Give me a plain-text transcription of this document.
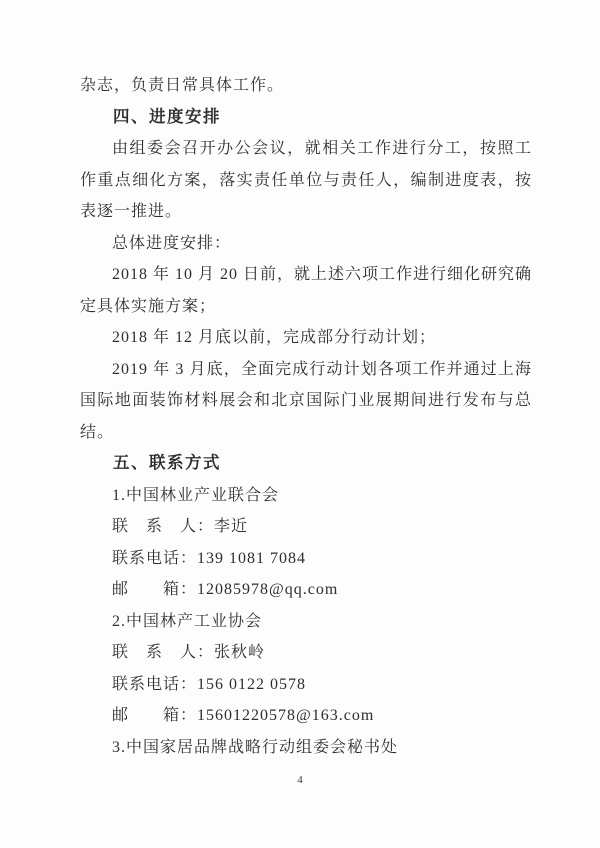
杂志，负责日常具体工作。

四、进度安排

由组委会召开办公会议，就相关工作进行分工，按照工作重点细化方案，落实责任单位与责任人，编制进度表，按表逐一推进。

总体进度安排：

2018 年 10 月 20 日前，就上述六项工作进行细化研究确定具体实施方案；

2018 年 12 月底以前，完成部分行动计划；

2019 年 3 月底，全面完成行动计划各项工作并通过上海国际地面装饰材料展会和北京国际门业展期间进行发布与总结。

五、联系方式

1.中国林业产业联合会

联　系　人：李近

联系电话：139 1081 7084

邮　　箱：12085978@qq.com

2.中国林产工业协会

联　系　人：张秋岭

联系电话：156 0122 0578

邮　　箱：15601220578@163.com

3.中国家居品牌战略行动组委会秘书处

4
